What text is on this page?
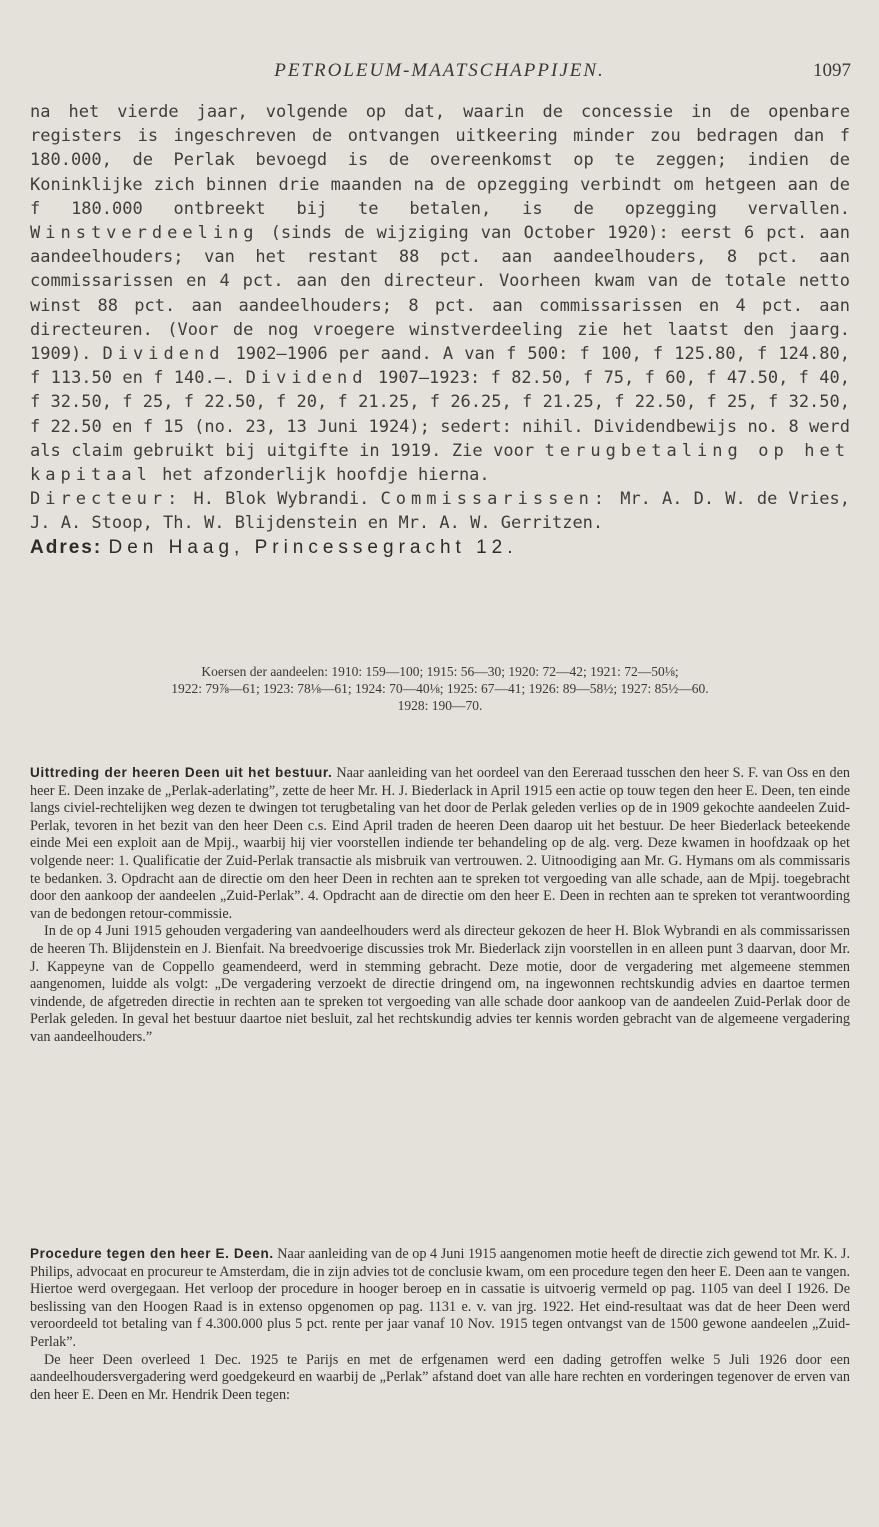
PETROLEUM-MAATSCHAPPIJEN.	1097

na het vierde jaar, volgende op dat, waarin de concessie in de openbare registers is ingeschreven de ontvangen uitkeering minder zou bedragen dan f 180.000, de Perlak bevoegd is de overeenkomst op te zeggen; indien de Koninklijke zich binnen drie maanden na de opzegging verbindt om hetgeen aan de f 180.000 ontbreekt bij te betalen, is de opzegging vervallen. Winstverdeeling (sinds de wijziging van October 1920): eerst 6 pct. aan aandeelhouders; van het restant 88 pct. aan aandeelhouders, 8 pct. aan commissarissen en 4 pct. aan den directeur. Voorheen kwam van de totale netto winst 88 pct. aan aandeelhouders; 8 pct. aan commissarissen en 4 pct. aan directeuren. (Voor de nog vroegere winstverdeeling zie het laatst den jaarg. 1909). Dividend 1902—1906 per aand. A van f 500: f 100, f 125.80, f 124.80, f 113.50 en f 140.—. Dividend 1907—1923: f 82.50, f 75, f 60, f 47.50, f 40, f 32.50, f 25, f 22.50, f 20, f 21.25, f 26.25, f 21.25, f 22.50, f 25, f 32.50, f 22.50 en f 15 (no. 23, 13 Juni 1924); sedert: nihil. Dividendbewijs no. 8 werd als claim gebruikt bij uitgifte in 1919. Zie voor terugbetaling op het kapitaal het afzonderlijk hoofdje hierna.

Directeur: H. Blok Wybrandi. Commissarissen: Mr. A. D. W. de Vries, J. A. Stoop, Th. W. Blijdenstein en Mr. A. W. Gerritzen.

Adres: Den Haag, Princessegracht 12.

Koersen der aandeelen: 1910: 159—100; 1915: 56—30; 1920: 72—42; 1921: 72—50⅛;
1922: 79⅞—61; 1923: 78⅛—61; 1924: 70—40⅛; 1925: 67—41; 1926: 89—58½; 1927: 85½—60.
1928: 190—70.

Uittreding der heeren Deen uit het bestuur. Naar aanleiding van het oordeel van den Eereraad tusschen den heer S. F. van Oss en den heer E. Deen inzake de „Perlak-aderlating”, zette de heer Mr. H. J. Biederlack in April 1915 een actie op touw tegen den heer E. Deen, ten einde langs civiel-rechtelijken weg dezen te dwingen tot terugbetaling van het door de Perlak geleden verlies op de in 1909 gekochte aandeelen Zuid-Perlak, tevoren in het bezit van den heer Deen c.s. Eind April traden de heeren Deen daarop uit het bestuur. De heer Biederlack beteekende einde Mei een exploit aan de Mpij., waarbij hij vier voorstellen indiende ter behandeling op de alg. verg. Deze kwamen in hoofdzaak op het volgende neer: 1. Qualificatie der Zuid-Perlak transactie als misbruik van vertrouwen. 2. Uitnoodiging aan Mr. G. Hymans om als commissaris te bedanken. 3. Opdracht aan de directie om den heer Deen in rechten aan te spreken tot vergoeding van alle schade, aan de Mpij. toegebracht door den aankoop der aandeelen „Zuid-Perlak”. 4. Opdracht aan de directie om den heer E. Deen in rechten aan te spreken tot verantwoording van de bedongen retour-commissie.

In de op 4 Juni 1915 gehouden vergadering van aandeelhouders werd als directeur gekozen de heer H. Blok Wybrandi en als commissarissen de heeren Th. Blijdenstein en J. Bienfait. Na breedvoerige discussies trok Mr. Biederlack zijn voorstellen in en alleen punt 3 daarvan, door Mr. J. Kappeyne van de Coppello geamendeerd, werd in stemming gebracht. Deze motie, door de vergadering met algemeene stemmen aangenomen, luidde als volgt: „De vergadering verzoekt de directie dringend om, na ingewonnen rechtskundig advies en daartoe termen vindende, de afgetreden directie in rechten aan te spreken tot vergoeding van alle schade door aankoop van de aandeelen Zuid-Perlak door de Perlak geleden. In geval het bestuur daartoe niet besluit, zal het rechtskundig advies ter kennis worden gebracht van de algemeene vergadering van aandeelhouders.”

Procedure tegen den heer E. Deen. Naar aanleiding van de op 4 Juni 1915 aangenomen motie heeft de directie zich gewend tot Mr. K. J. Philips, advocaat en procureur te Amsterdam, die in zijn advies tot de conclusie kwam, om een procedure tegen den heer E. Deen aan te vangen. Hiertoe werd overgegaan. Het verloop der procedure in hooger beroep en in cassatie is uitvoerig vermeld op pag. 1105 van deel I 1926. De beslissing van den Hoogen Raad is in extenso opgenomen op pag. 1131 e. v. van jrg. 1922. Het eind-resultaat was dat de heer Deen werd veroordeeld tot betaling van f 4.300.000 plus 5 pct. rente per jaar vanaf 10 Nov. 1915 tegen ontvangst van de 1500 gewone aandeelen „Zuid-Perlak”.

De heer Deen overleed 1 Dec. 1925 te Parijs en met de erfgenamen werd een dading getroffen welke 5 Juli 1926 door een aandeelhoudersvergadering werd goedgekeurd en waarbij de „Perlak” afstand doet van alle hare rechten en vorderingen tegenover de erven van den heer E. Deen en Mr. Hendrik Deen tegen:
